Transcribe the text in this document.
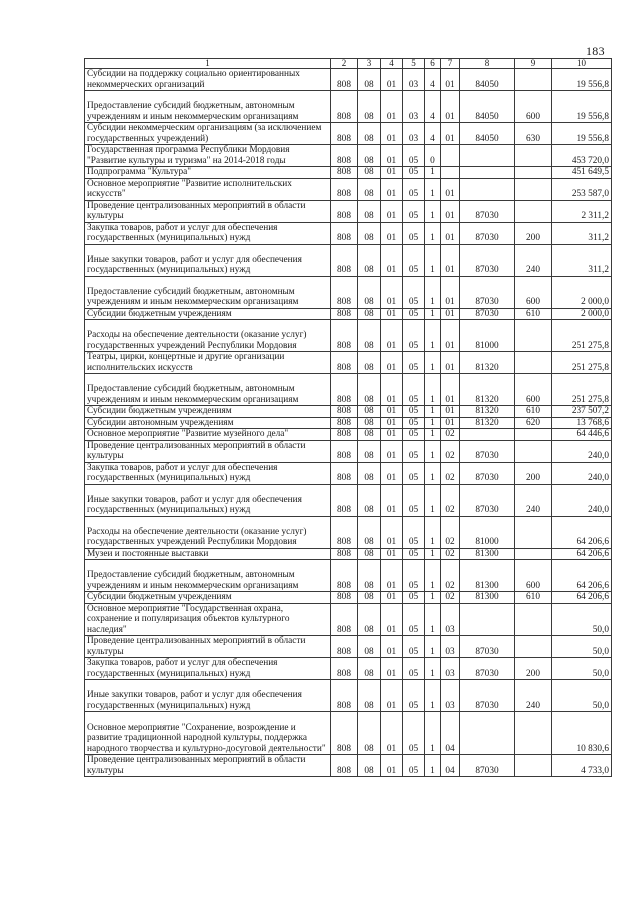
183
1	2	3	4	5	6	7	8	9	10
Субсидии на поддержку социально ориентированных некоммерческих организаций	808	08	01	03	4	01	84050		19 556,8
Предоставление субсидий бюджетным, автономным учреждениям и иным некоммерческим организациям	808	08	01	03	4	01	84050	600	19 556,8
Субсидии некоммерческим организациям (за исключением государственных учреждений)	808	08	01	03	4	01	84050	630	19 556,8
Государственная программа Республики Мордовия "Развитие культуры и туризма" на 2014-2018 годы	808	08	01	05	0				453 720,0
Подпрограмма "Культура"	808	08	01	05	1				451 649,5
Основное мероприятие "Развитие исполнительских искусств"	808	08	01	05	1	01			253 587,0
Проведение централизованных мероприятий в области культуры	808	08	01	05	1	01	87030		2 311,2
Закупка товаров, работ и услуг для обеспечения государственных (муниципальных) нужд	808	08	01	05	1	01	87030	200	311,2
Иные закупки товаров, работ и услуг для обеспечения государственных (муниципальных) нужд	808	08	01	05	1	01	87030	240	311,2
Предоставление субсидий бюджетным, автономным учреждениям и иным некоммерческим организациям	808	08	01	05	1	01	87030	600	2 000,0
Субсидии бюджетным учреждениям	808	08	01	05	1	01	87030	610	2 000,0
Расходы на обеспечение деятельности (оказание услуг) государственных учреждений Республики Мордовия	808	08	01	05	1	01	81000		251 275,8
Театры, цирки, концертные и другие организации исполнительских искусств	808	08	01	05	1	01	81320		251 275,8
Предоставление субсидий бюджетным, автономным учреждениям и иным некоммерческим организациям	808	08	01	05	1	01	81320	600	251 275,8
Субсидии бюджетным учреждениям	808	08	01	05	1	01	81320	610	237 507,2
Субсидии автономным учреждениям	808	08	01	05	1	01	81320	620	13 768,6
Основное мероприятие "Развитие музейного дела"	808	08	01	05	1	02			64 446,6
Проведение централизованных мероприятий в области культуры	808	08	01	05	1	02	87030		240,0
Закупка товаров, работ и услуг для обеспечения государственных (муниципальных) нужд	808	08	01	05	1	02	87030	200	240,0
Иные закупки товаров, работ и услуг для обеспечения государственных (муниципальных) нужд	808	08	01	05	1	02	87030	240	240,0
Расходы на обеспечение деятельности (оказание услуг) государственных учреждений Республики Мордовия	808	08	01	05	1	02	81000		64 206,6
Музеи и постоянные выставки	808	08	01	05	1	02	81300		64 206,6
Предоставление субсидий бюджетным, автономным учреждениям и иным некоммерческим организациям	808	08	01	05	1	02	81300	600	64 206,6
Субсидии бюджетным учреждениям	808	08	01	05	1	02	81300	610	64 206,6
Основное мероприятие "Государственная охрана, сохранение и популяризация объектов культурного наследия"	808	08	01	05	1	03			50,0
Проведение централизованных мероприятий в области культуры	808	08	01	05	1	03	87030		50,0
Закупка товаров, работ и услуг для обеспечения государственных (муниципальных) нужд	808	08	01	05	1	03	87030	200	50,0
Иные закупки товаров, работ и услуг для обеспечения государственных (муниципальных) нужд	808	08	01	05	1	03	87030	240	50,0
Основное мероприятие "Сохранение, возрождение и развитие традиционной народной культуры, поддержка народного творчества и культурно-досуговой деятельности"	808	08	01	05	1	04			10 830,6
Проведение централизованных мероприятий в области культуры	808	08	01	05	1	04	87030		4 733,0
